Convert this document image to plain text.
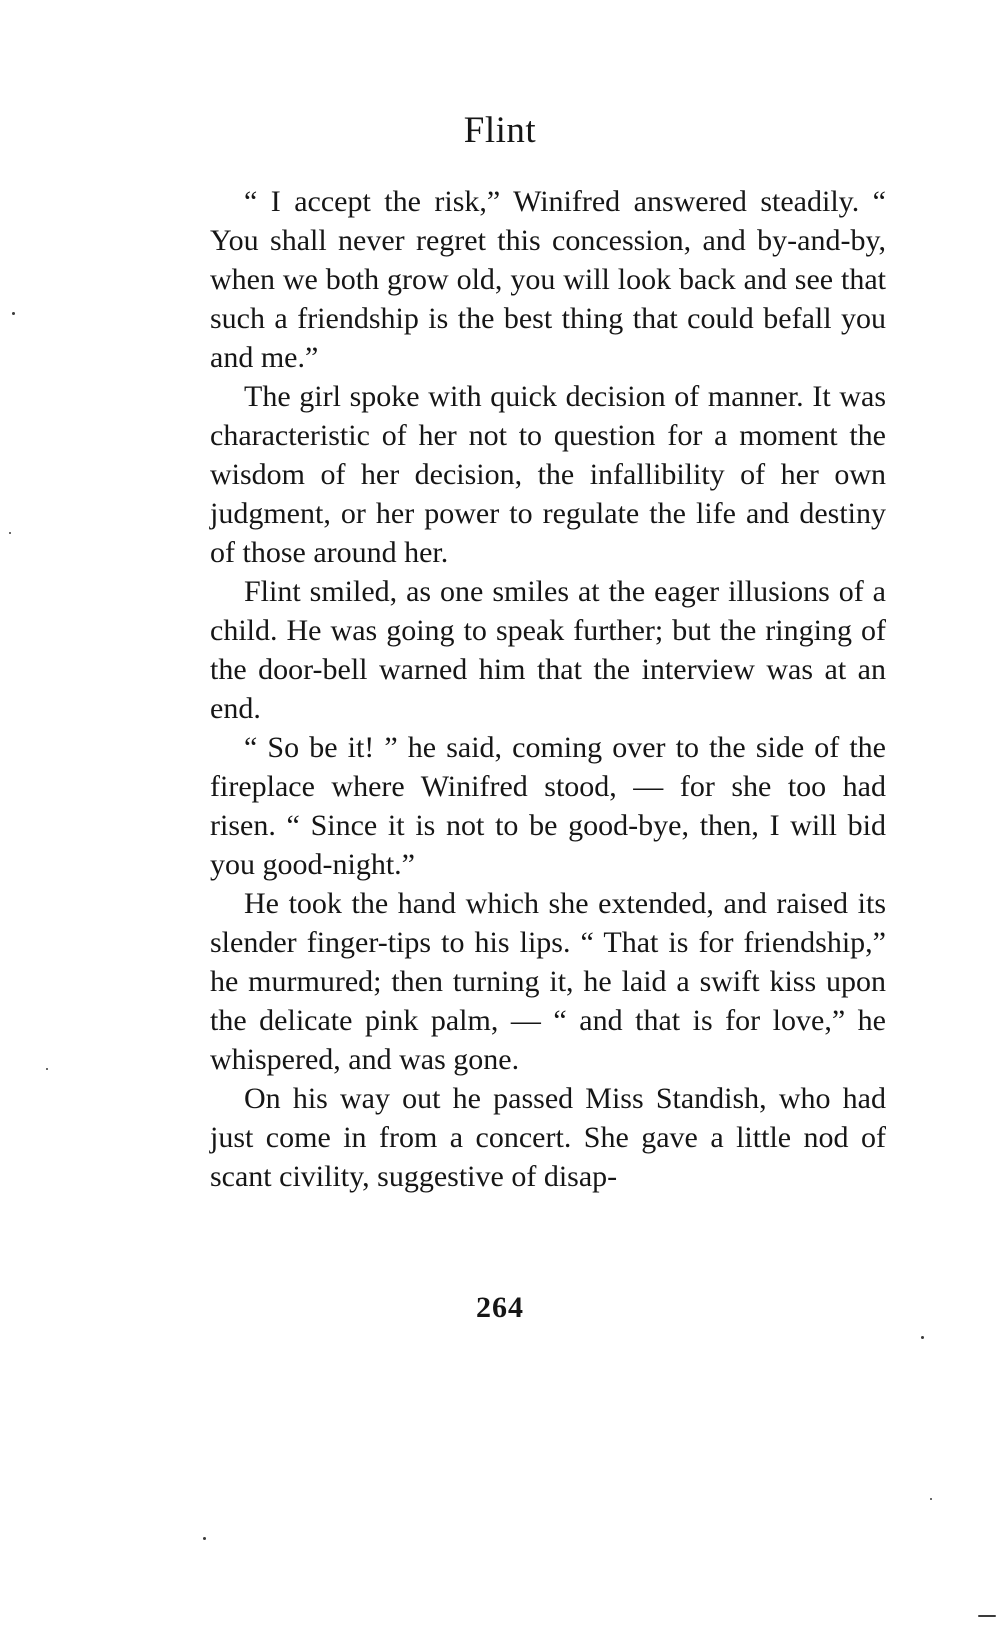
Flint

“ I accept the risk,” Winifred answered steadily. “ You shall never regret this concession, and by-and-by, when we both grow old, you will look back and see that such a friendship is the best thing that could befall you and me.”

The girl spoke with quick decision of manner. It was characteristic of her not to question for a moment the wisdom of her decision, the infallibility of her own judgment, or her power to regulate the life and destiny of those around her.

Flint smiled, as one smiles at the eager illusions of a child. He was going to speak further; but the ringing of the door-bell warned him that the interview was at an end.

“ So be it! ” he said, coming over to the side of the fireplace where Winifred stood, — for she too had risen. “ Since it is not to be good-bye, then, I will bid you good-night.”

He took the hand which she extended, and raised its slender finger-tips to his lips. “ That is for friendship,” he murmured; then turning it, he laid a swift kiss upon the delicate pink palm, — “ and that is for love,” he whispered, and was gone.

On his way out he passed Miss Standish, who had just come in from a concert. She gave a little nod of scant civility, suggestive of disap-

264
